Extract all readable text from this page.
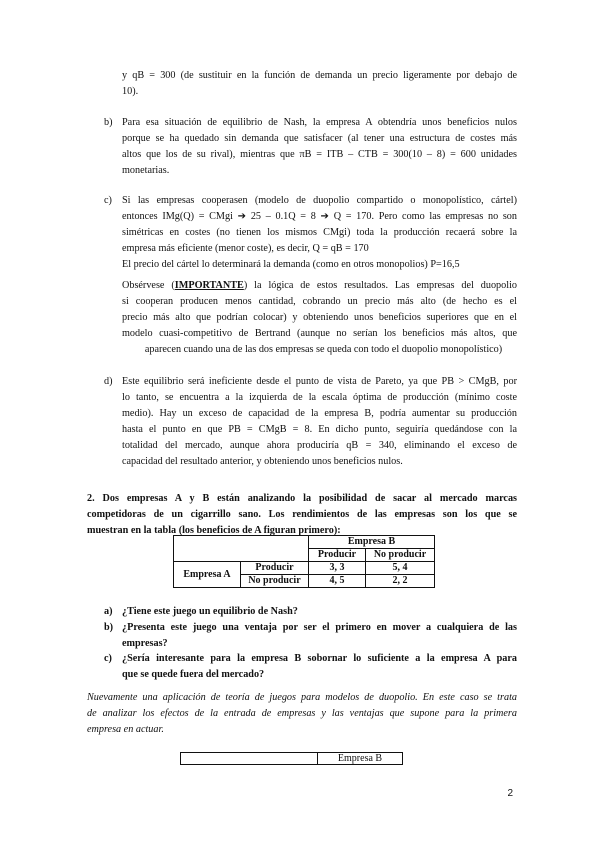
y qB = 300 (de sustituir en la función de demanda un precio ligeramente por debajo de
10).
b) Para esa situación de equilibrio de Nash, la empresa A obtendría unos beneficios nulos
porque se ha quedado sin demanda que satisfacer (al tener una estructura de costes más
altos que los de su rival), mientras que πB = ITB – CTB = 300(10 – 8) = 600 unidades
monetarias.
c) Si las empresas cooperasen (modelo de duopolio compartido o monopolístico, cártel)
entonces IMg(Q) = CMgi ➔ 25 – 0.1Q = 8 ➔ Q = 170. Pero como las empresas no son
simétricas en costes (no tienen los mismos CMgi) toda la producción recaerá sobre la
empresa más eficiente (menor coste), es decir, Q = qB = 170
El precio del cártel lo determinará la demanda (como en otros monopolios) P=16,5
Obsérvese (IMPORTANTE) la lógica de estos resultados. Las empresas del duopolio
si cooperan producen menos cantidad, cobrando un precio más alto (de hecho es el
precio más alto que podrían colocar) y obteniendo unos beneficios superiores que en el
modelo cuasi-competitivo de Bertrand (aunque no serían los beneficios más altos, que
aparecen cuando una de las dos empresas se queda con todo el duopolio monopolístico)
d) Este equilibrio será ineficiente desde el punto de vista de Pareto, ya que PB > CMgB, por
lo tanto, se encuentra a la izquierda de la escala óptima de producción (mínimo coste
medio). Hay un exceso de capacidad de la empresa B, podría aumentar su producción
hasta el punto en que PB = CMgB = 8. En dicho punto, seguiría quedándose con la
totalidad del mercado, aunque ahora produciría qB = 340, eliminando el exceso de
capacidad del resultado anterior, y obteniendo unos beneficios nulos.
2. Dos empresas A y B están analizando la posibilidad de sacar al mercado marcas
competidoras de un cigarrillo sano. Los rendimientos de las empresas son los que se
muestran en la tabla (los beneficios de A figuran primero):
		Empresa B	
		Producir	No producir
Empresa A	Producir	3, 3	5, 4
	No producir	4, 5	2, 2
a) ¿Tiene este juego un equilibrio de Nash?
b) ¿Presenta este juego una ventaja por ser el primero en mover a cualquiera de las
empresas?
c) ¿Sería interesante para la empresa B sobornar lo suficiente a la empresa A para
que se quede fuera del mercado?
Nuevamente una aplicación de teoría de juegos para modelos de duopolio. En este caso se trata
de analizar los efectos de la entrada de empresas y las ventajas que supone para la primera
empresa en actuar.
	Empresa B
2
